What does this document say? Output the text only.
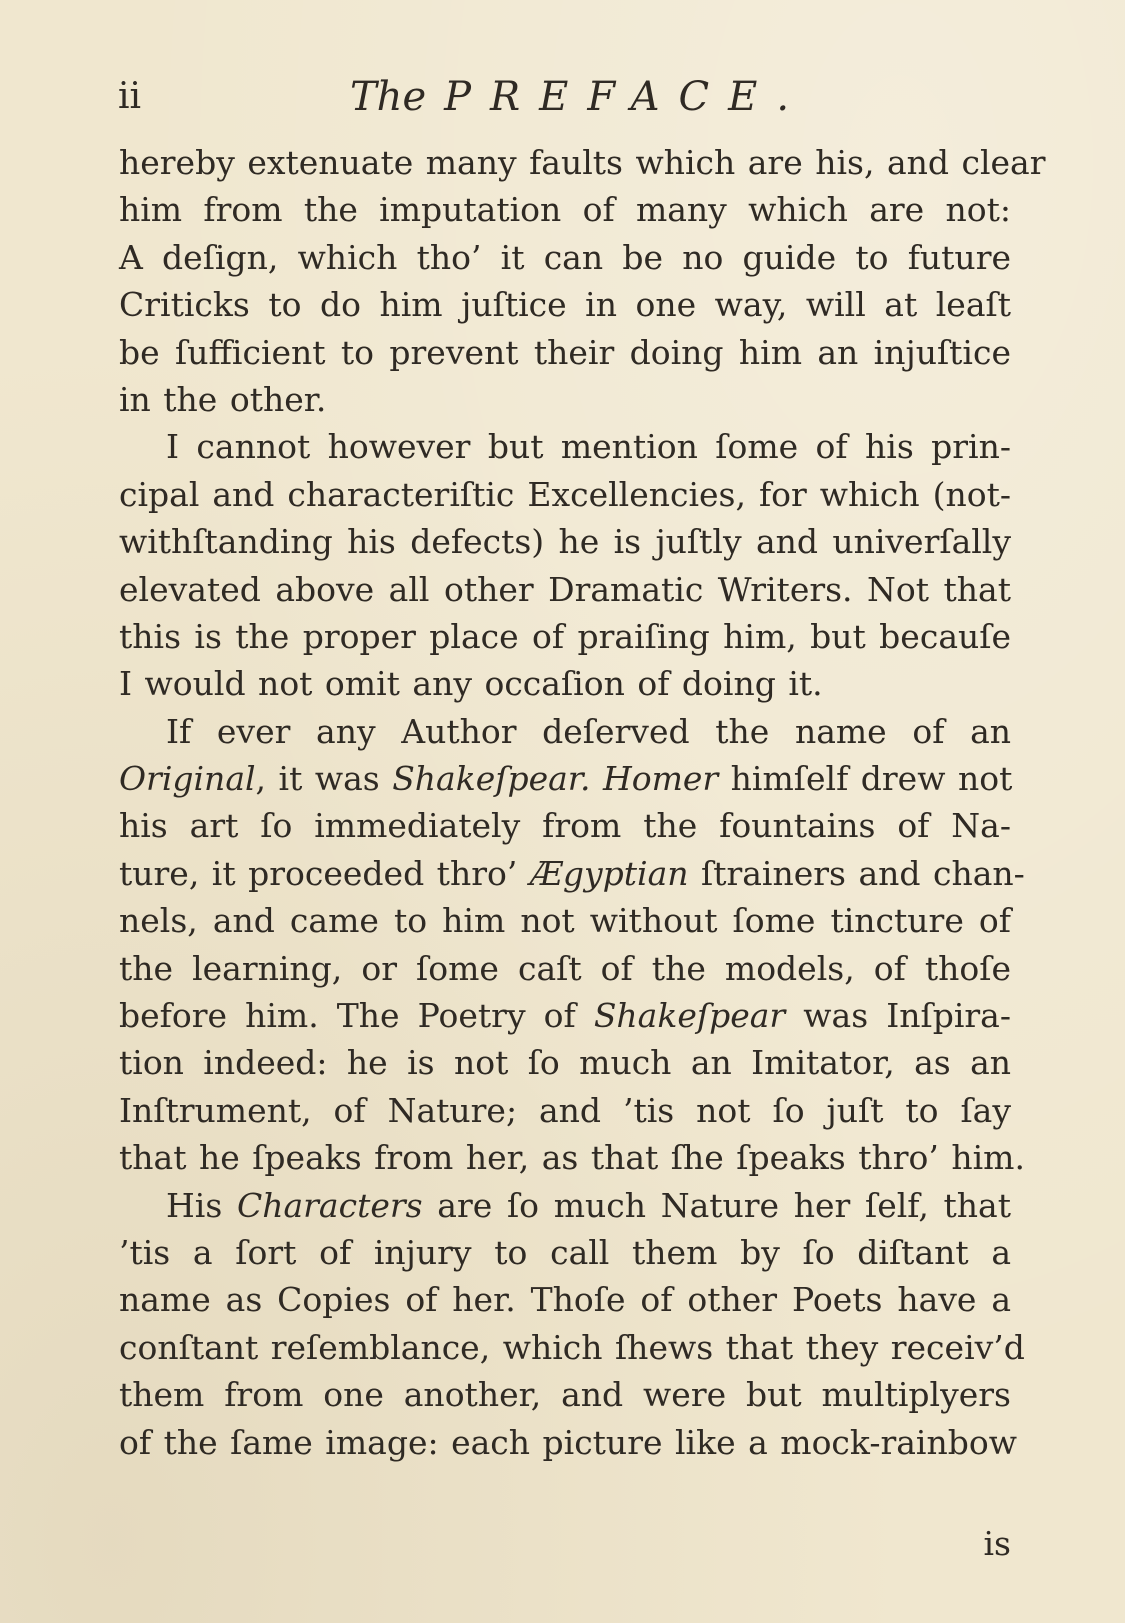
ii	The PREFACE.
hereby extenuate many faults which are his, and clear
him from the imputation of many which are not:
A deſign, which tho’ it can be no guide to future
Criticks to do him juſtice in one way, will at leaſt
be ſufficient to prevent their doing him an injuſtice
in the other.
I cannot however but mention ſome of his prin-
cipal and characteriſtic Excellencies, for which (not-
withſtanding his defects) he is juſtly and univerſally
elevated above all other Dramatic Writers. Not that
this is the proper place of praiſing him, but becauſe
I would not omit any occaſion of doing it.
If ever any Author deſerved the name of an
Original, it was Shakeſpear. Homer himſelf drew not
his art ſo immediately from the fountains of Na-
ture, it proceeded thro’ Ægyptian ſtrainers and chan-
nels, and came to him not without ſome tincture of
the learning, or ſome caſt of the models, of thoſe
before him. The Poetry of Shakeſpear was Inſpira-
tion indeed: he is not ſo much an Imitator, as an
Inſtrument, of Nature; and ’tis not ſo juſt to ſay
that he ſpeaks from her, as that ſhe ſpeaks thro’ him.
His Characters are ſo much Nature her ſelf, that
’tis a ſort of injury to call them by ſo diſtant a
name as Copies of her. Thoſe of other Poets have a
conſtant reſemblance, which ſhews that they receiv’d
them from one another, and were but multiplyers
of the ſame image: each picture like a mock-rainbow
is
